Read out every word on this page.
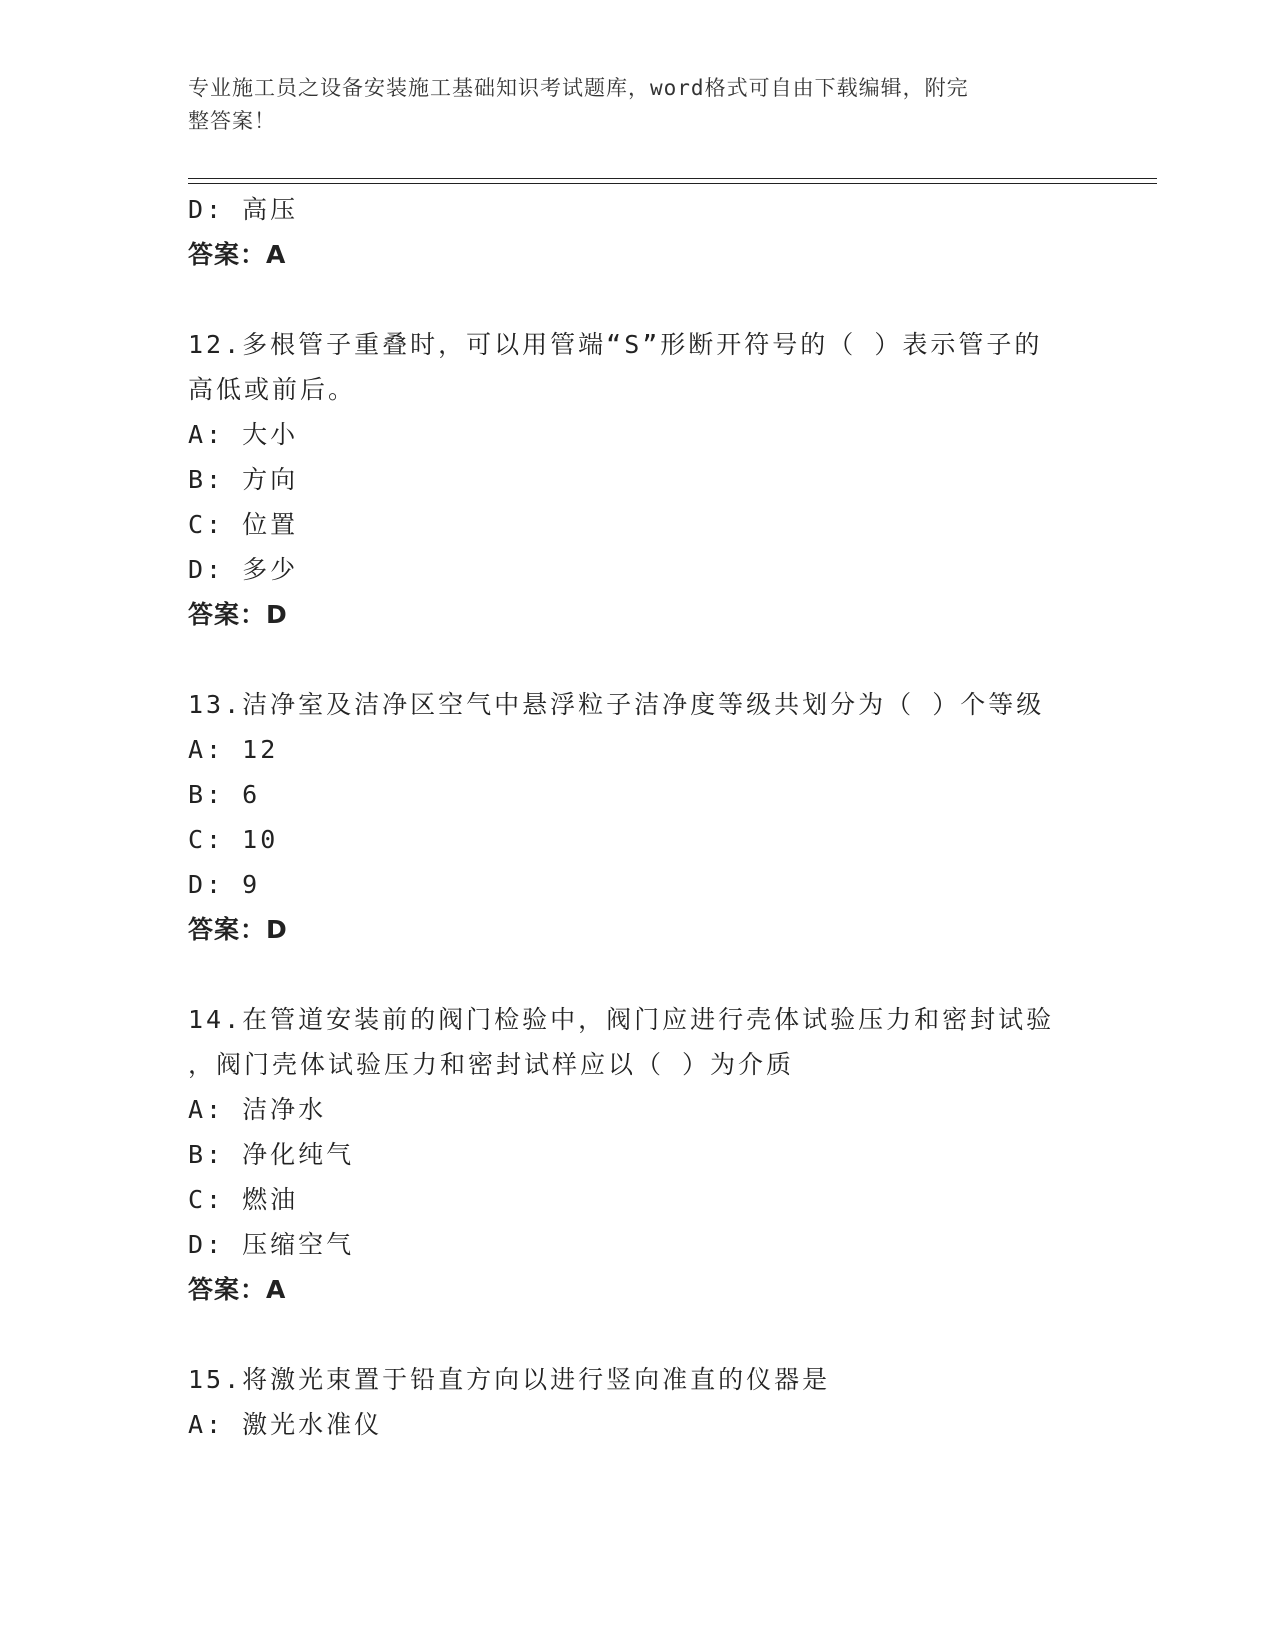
专业施工员之设备安装施工基础知识考试题库，word格式可自由下载编辑，附完
整答案！
D: 高压
答案：A
12.多根管子重叠时，可以用管端“S”形断开符号的（ ）表示管子的
高低或前后。
A: 大小
B: 方向
C: 位置
D: 多少
答案：D
13.洁净室及洁净区空气中悬浮粒子洁净度等级共划分为（ ）个等级
A: 12
B: 6
C: 10
D: 9
答案：D
14.在管道安装前的阀门检验中，阀门应进行壳体试验压力和密封试验
，阀门壳体试验压力和密封试样应以（ ）为介质
A: 洁净水
B: 净化纯气
C: 燃油
D: 压缩空气
答案：A
15.将激光束置于铅直方向以进行竖向准直的仪器是
A: 激光水准仪
